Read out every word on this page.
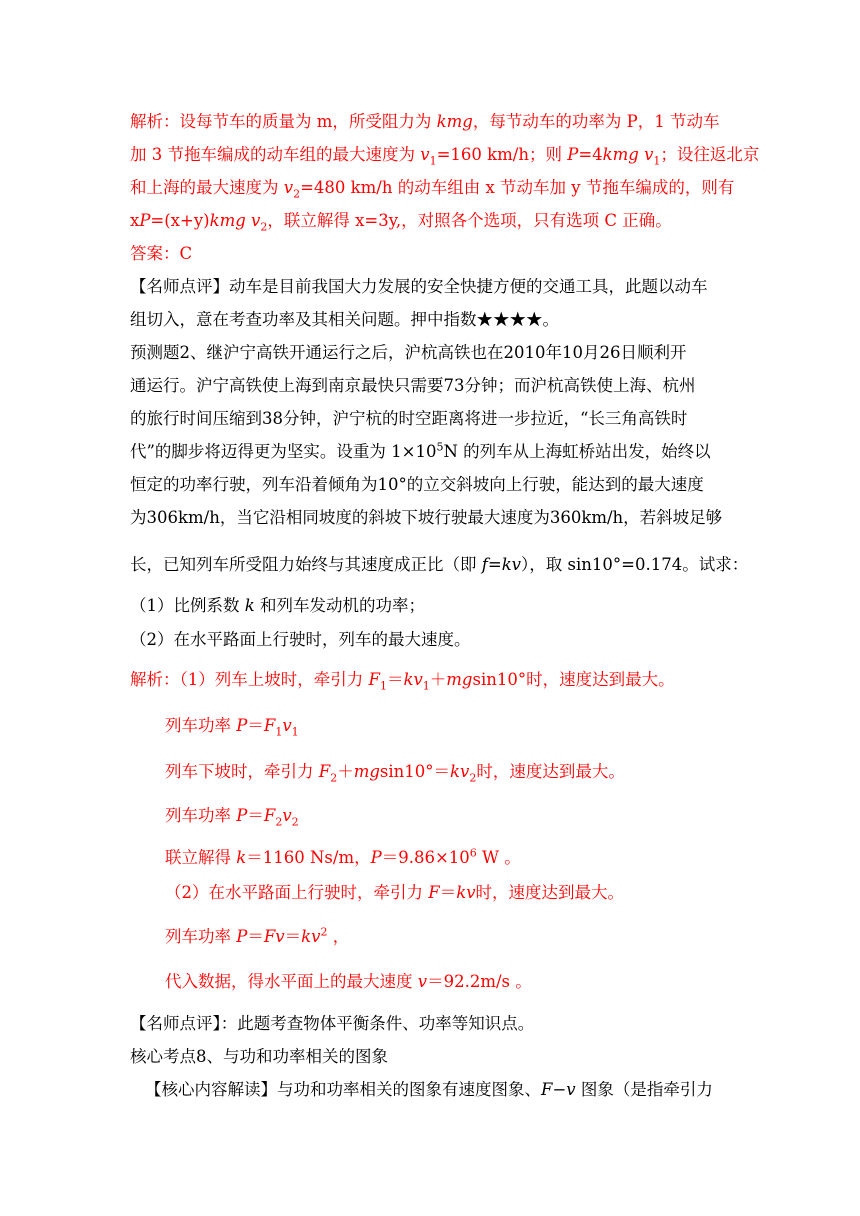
解析：设每节车的质量为 m，所受阻力为 kmg，每节动车的功率为 P，1 节动车
加 3 节拖车编成的动车组的最大速度为 $v_1=160$ km/h；则 P=4kmg $v_1$；设往返北京
和上海的最大速度为 $v_2=480$ km/h 的动车组由 x 节动车加 y 节拖车编成的，则有
xP=(x+y)kmg $v_2$，联立解得 x=3y,，对照各个选项，只有选项 C 正确。
答案：C
【名师点评】动车是目前我国大力发展的安全快捷方便的交通工具，此题以动车
组切入，意在考查功率及其相关问题。押中指数★★★★。
预测题2、继沪宁高铁开通运行之后，沪杭高铁也在2010年10月26日顺利开
通运行。沪宁高铁使上海到南京最快只需要73分钟；而沪杭高铁使上海、杭州
的旅行时间压缩到38分钟，沪宁杭的时空距离将进一步拉近，“长三角高铁时
代”的脚步将迈得更为坚实。设重为 $1\times 10^5N$ 的列车从上海虹桥站出发，始终以
恒定的功率行驶，列车沿着倾角为10°的立交斜坡向上行驶，能达到的最大速度
为306km/h，当它沿相同坡度的斜坡下坡行驶最大速度为360km/h，若斜坡足够
长，已知列车所受阻力始终与其速度成正比（即 f=kv），取 sin10°=0.174。试求：
（1）比例系数 k 和列车发动机的功率；
（2）在水平路面上行驶时，列车的最大速度。
解析：（1）列车上坡时，牵引力 $F_1=kv_1+mgsin10^\circ$时，速度达到最大。
列车功率 $P=F_1v_1$
列车下坡时，牵引力 $F_2+mgsin10^\circ=kv_2$时，速度达到最大。
列车功率 $P=F_2v_2$
联立解得 k＝1160 Ns/m，$P=9.86\times 10^6$ W 。
（2）在水平路面上行驶时，牵引力 F＝kv时，速度达到最大。
列车功率 $P=Fv=kv^2$ ，
代入数据，得水平面上的最大速度 v＝92.2m/s 。
【名师点评】：此题考查物体平衡条件、功率等知识点。
核心考点8、与功和功率相关的图象
【核心内容解读】与功和功率相关的图象有速度图象、F−v 图象（是指牵引力
